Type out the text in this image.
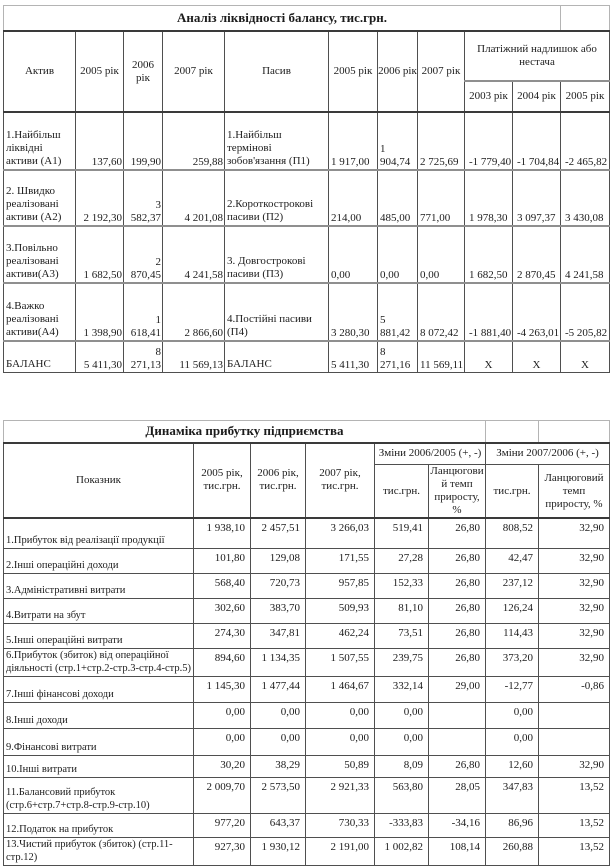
Аналіз ліквідності балансу, тис.грн.
Актив	2005 рік	2006 рік	2007 рік	Пасив	2005 рік	2006 рік	2007 рік	Платіжний надлишок або нестача		
								2003 рік	2004 рік	2005 рік
1.Найбільш ліквідні активи (А1)	137,60	199,90	259,88	1.Найбільш термінові зобов'язання (П1)	1 917,00	1 904,74	2 725,69	-1 779,40	-1 704,84	-2 465,82
2. Швидко реалізовані активи (А2)	2 192,30	3 582,37	4 201,08	2.Короткострокові пасиви (П2)	214,00	485,00	771,00	1 978,30	3 097,37	3 430,08
3.Повільно реалізовані активи(А3)	1 682,50	2 870,45	4 241,58	3. Довгострокові пасиви (П3)	0,00	0,00	0,00	1 682,50	2 870,45	4 241,58
4.Важко реалізовані активи(А4)	1 398,90	1 618,41	2 866,60	4.Постійні пасиви (П4)	3 280,30	5 881,42	8 072,42	-1 881,40	-4 263,01	-5 205,82
БАЛАНС	5 411,30	8 271,13	11 569,13	БАЛАНС	5 411,30	8 271,16	11 569,11	X	X	X
Динаміка прибутку підприємства
Показник	2005 рік, тис.грн.	2006 рік, тис.грн.	2007 рік, тис.грн.	Зміни 2006/2005 (+, -)		Зміни 2007/2006 (+, -)	
				тис.грн.	Ланцюговий темп приросту, %	тис.грн.	Ланцюговий темп приросту, %
1.Прибуток від реалізації продукції	1 938,10	2 457,51	3 266,03	519,41	26,80	808,52	32,90
2.Інші операційні доходи	101,80	129,08	171,55	27,28	26,80	42,47	32,90
3.Адміністративні витрати	568,40	720,73	957,85	152,33	26,80	237,12	32,90
4.Витрати на збут	302,60	383,70	509,93	81,10	26,80	126,24	32,90
5.Інші операційні витрати	274,30	347,81	462,24	73,51	26,80	114,43	32,90
6.Прибуток (збиток) від операційної діяльності (стр.1+стр.2-стр.3-стр.4-стр.5)	894,60	1 134,35	1 507,55	239,75	26,80	373,20	32,90
7.Інші фінансові доходи	1 145,30	1 477,44	1 464,67	332,14	29,00	-12,77	-0,86
8.Інші доходи	0,00	0,00	0,00	0,00		0,00	
9.Фінансові витрати	0,00	0,00	0,00	0,00		0,00	
10.Інші витрати	30,20	38,29	50,89	8,09	26,80	12,60	32,90
11.Балансовий прибуток (стр.6+стр.7+стр.8-стр.9-стр.10)	2 009,70	2 573,50	2 921,33	563,80	28,05	347,83	13,52
12.Податок на прибуток	977,20	643,37	730,33	-333,83	-34,16	86,96	13,52
13.Чистий прибуток (збиток) (стр.11-стр.12)	927,30	1 930,12	2 191,00	1 002,82	108,14	260,88	13,52
